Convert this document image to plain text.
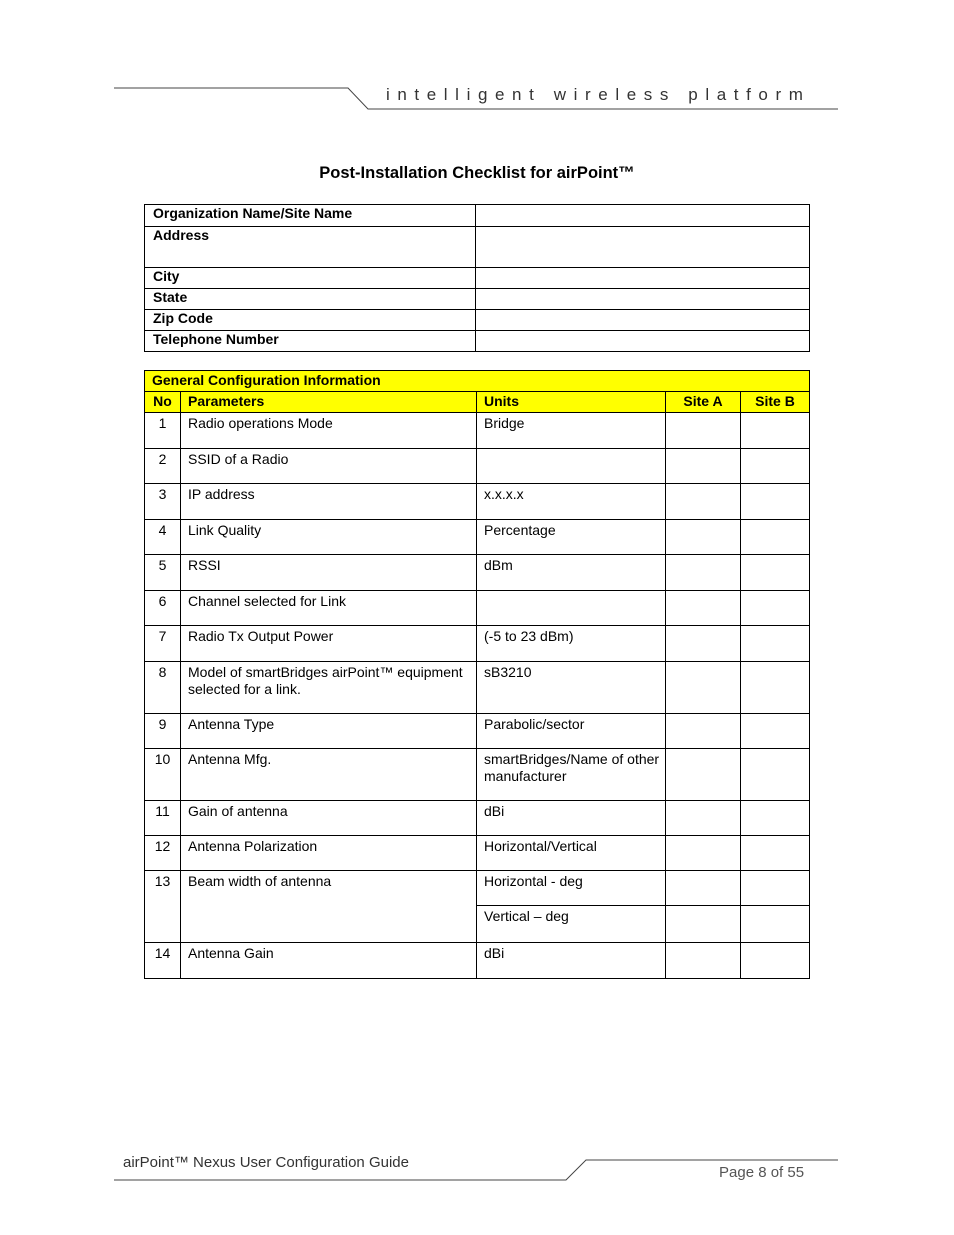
intelligent wireless platform
Post-Installation Checklist for airPoint™
Organization Name/Site Name	
Address	
City	
State	
Zip Code	
Telephone Number	
General Configuration Information				
No	Parameters	Units	Site A	Site B
1	Radio operations Mode	Bridge		
2	SSID of a Radio			
3	IP address	x.x.x.x		
4	Link Quality	Percentage		
5	RSSI	dBm		
6	Channel selected for Link			
7	Radio Tx Output Power	(-5 to 23 dBm)		
8	Model of smartBridges airPoint™ equipment selected for a link.	sB3210		
9	Antenna Type	Parabolic/sector		
10	Antenna Mfg.	smartBridges/Name of other manufacturer		
11	Gain of antenna	dBi		
12	Antenna Polarization	Horizontal/Vertical		
13	Beam width of antenna	Horizontal - deg		
		Vertical – deg		
14	Antenna Gain	dBi		
airPoint™ Nexus User Configuration Guide
Page 8 of 55
